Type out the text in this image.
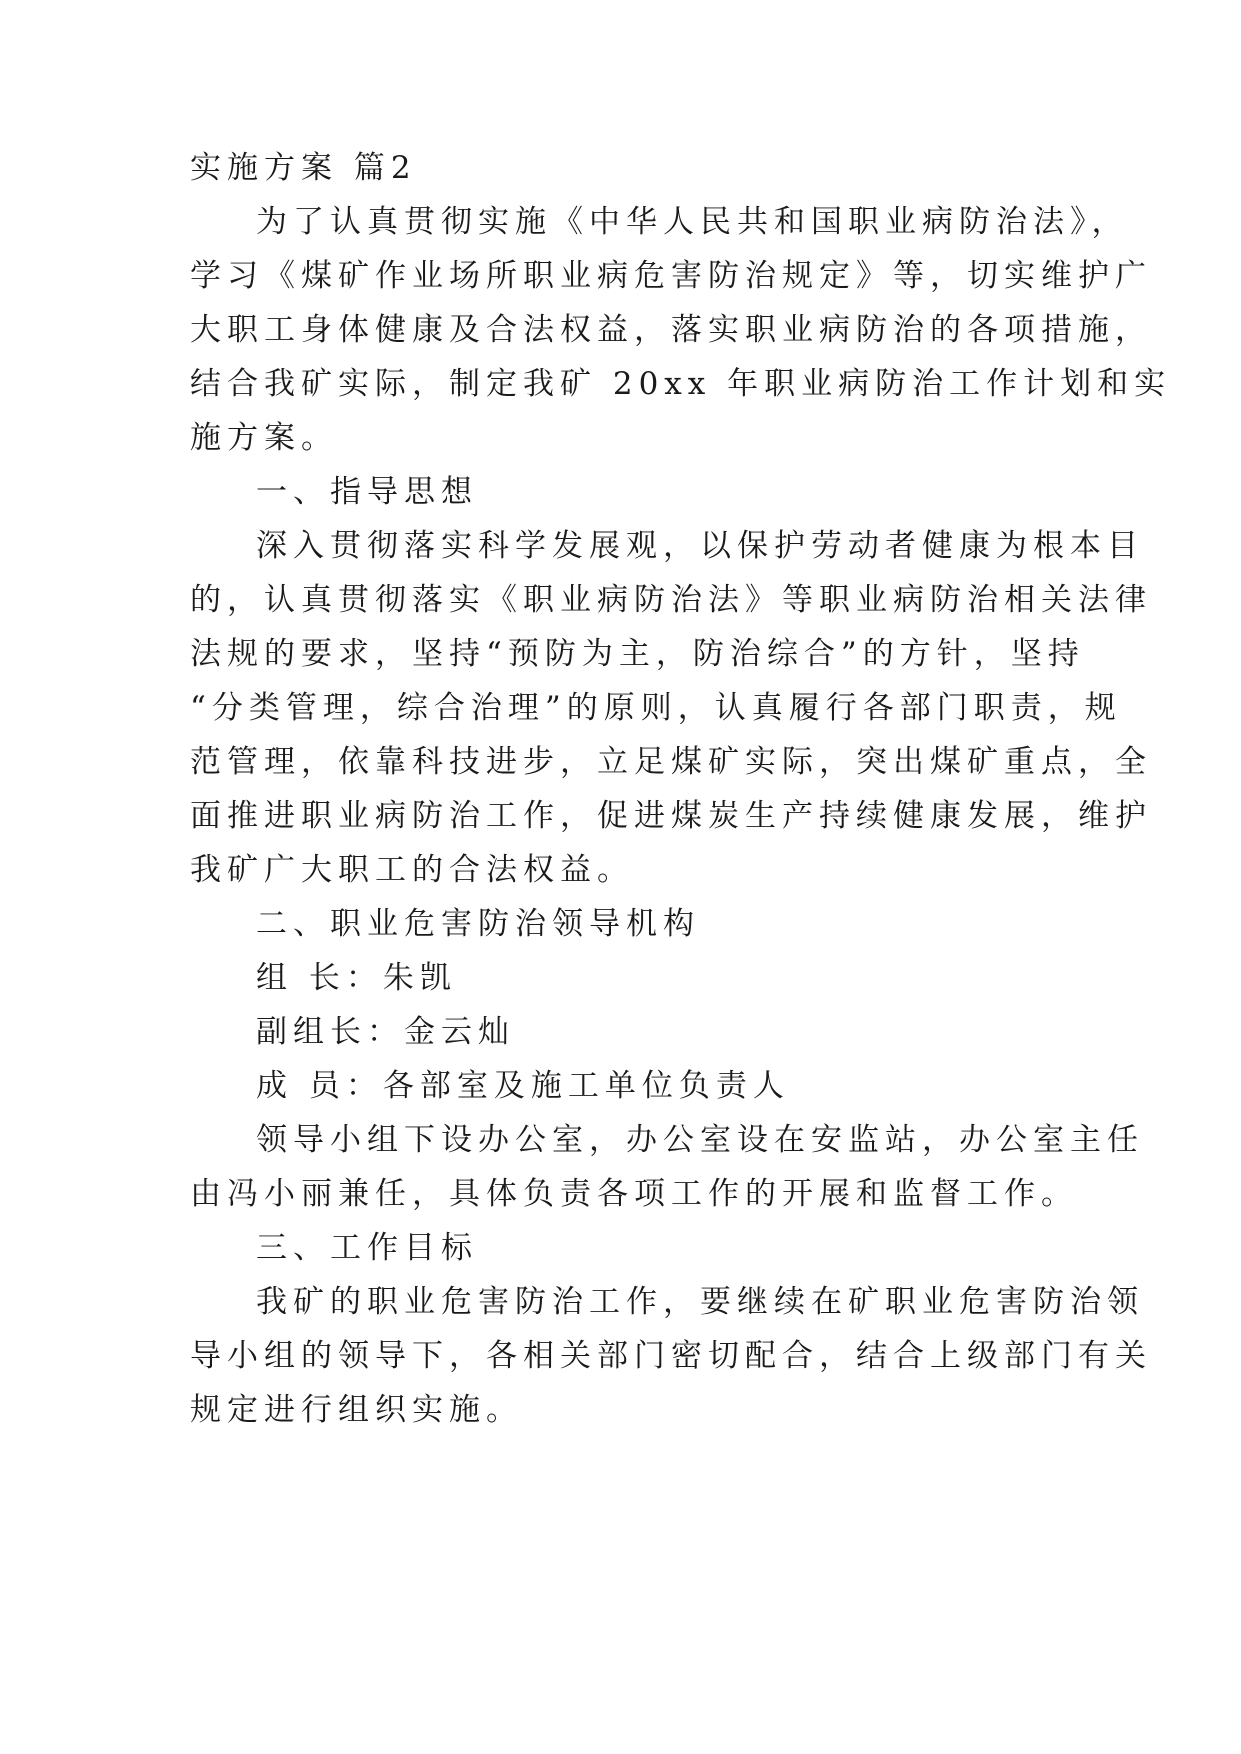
实施方案 篇2
为了认真贯彻实施《中华人民共和国职业病防治法》，
学习《煤矿作业场所职业病危害防治规定》等，切实维护广
大职工身体健康及合法权益，落实职业病防治的各项措施，
结合我矿实际，制定我矿 20xx 年职业病防治工作计划和实
施方案。
一、指导思想
深入贯彻落实科学发展观，以保护劳动者健康为根本目
的，认真贯彻落实《职业病防治法》等职业病防治相关法律
法规的要求，坚持“预防为主，防治综合”的方针，坚持
“分类管理，综合治理”的原则，认真履行各部门职责，规
范管理，依靠科技进步，立足煤矿实际，突出煤矿重点，全
面推进职业病防治工作，促进煤炭生产持续健康发展，维护
我矿广大职工的合法权益。
二、职业危害防治领导机构
组 长：朱凯
副组长：金云灿
成 员：各部室及施工单位负责人
领导小组下设办公室，办公室设在安监站，办公室主任
由冯小丽兼任，具体负责各项工作的开展和监督工作。
三、工作目标
我矿的职业危害防治工作，要继续在矿职业危害防治领
导小组的领导下，各相关部门密切配合，结合上级部门有关
规定进行组织实施。
